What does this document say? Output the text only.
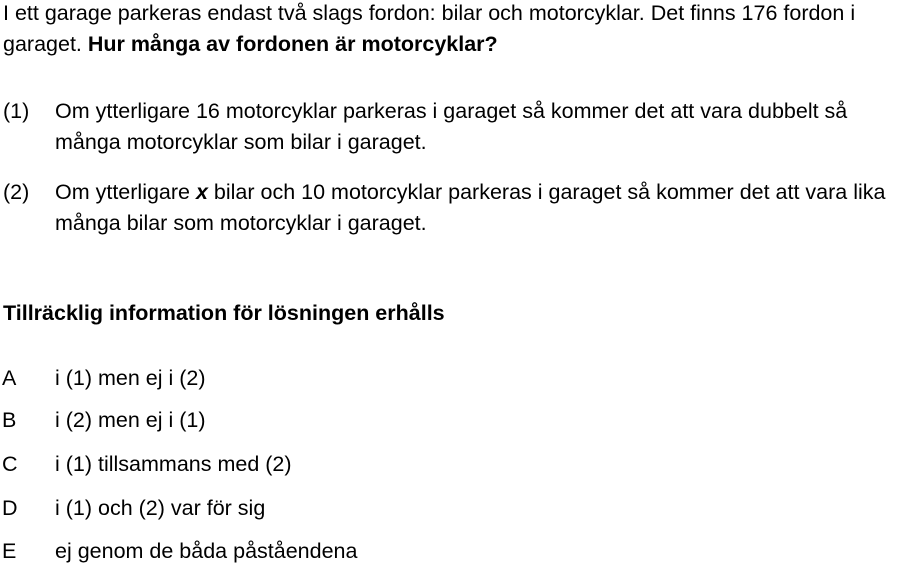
I ett garage parkeras endast två slags fordon: bilar och motorcyklar. Det finns 176 fordon i garaget. Hur många av fordonen är motorcyklar?
(1) Om ytterligare 16 motorcyklar parkeras i garaget så kommer det att vara dubbelt så många motorcyklar som bilar i garaget.
(2) Om ytterligare x bilar och 10 motorcyklar parkeras i garaget så kommer det att vara lika många bilar som motorcyklar i garaget.
Tillräcklig information för lösningen erhålls
A i (1) men ej i (2)
B i (2) men ej i (1)
C i (1) tillsammans med (2)
D i (1) och (2) var för sig
E ej genom de båda påståendena
